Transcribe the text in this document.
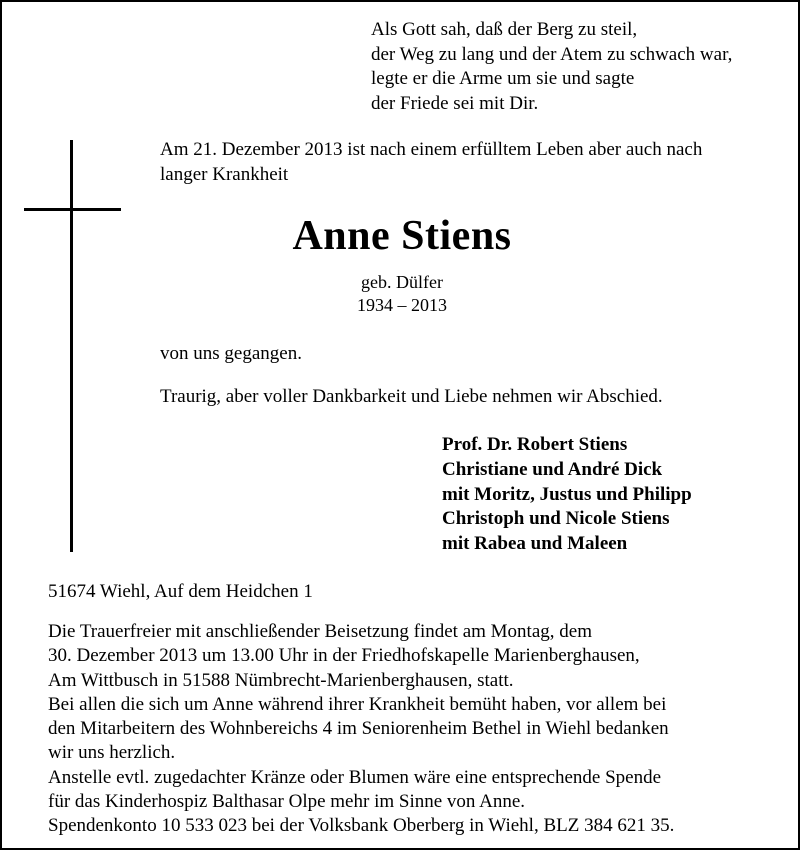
Als Gott sah, daß der Berg zu steil,
der Weg zu lang und der Atem zu schwach war,
legte er die Arme um sie und sagte
der Friede sei mit Dir.
Am 21. Dezember 2013 ist nach einem erfülltem Leben aber auch nach
langer Krankheit
Anne Stiens
geb. Dülfer
1934 – 2013
von uns gegangen.
Traurig, aber voller Dankbarkeit und Liebe nehmen wir Abschied.
Prof. Dr. Robert Stiens
Christiane und André Dick
mit Moritz, Justus und Philipp
Christoph und Nicole Stiens
mit Rabea und Maleen
51674 Wiehl, Auf dem Heidchen 1
Die Trauerfreier mit anschließender Beisetzung findet am Montag, dem
30. Dezember 2013 um 13.00 Uhr in der Friedhofskapelle Marienberghausen,
Am Wittbusch in 51588 Nümbrecht-Marienberghausen, statt.
Bei allen die sich um Anne während ihrer Krankheit bemüht haben, vor allem bei
den Mitarbeitern des Wohnbereichs 4 im Seniorenheim Bethel in Wiehl bedanken
wir uns herzlich.
Anstelle evtl. zugedachter Kränze oder Blumen wäre eine entsprechende Spende
für das Kinderhospiz Balthasar Olpe mehr im Sinne von Anne.
Spendenkonto 10 533 023 bei der Volksbank Oberberg in Wiehl, BLZ 384 621 35.
